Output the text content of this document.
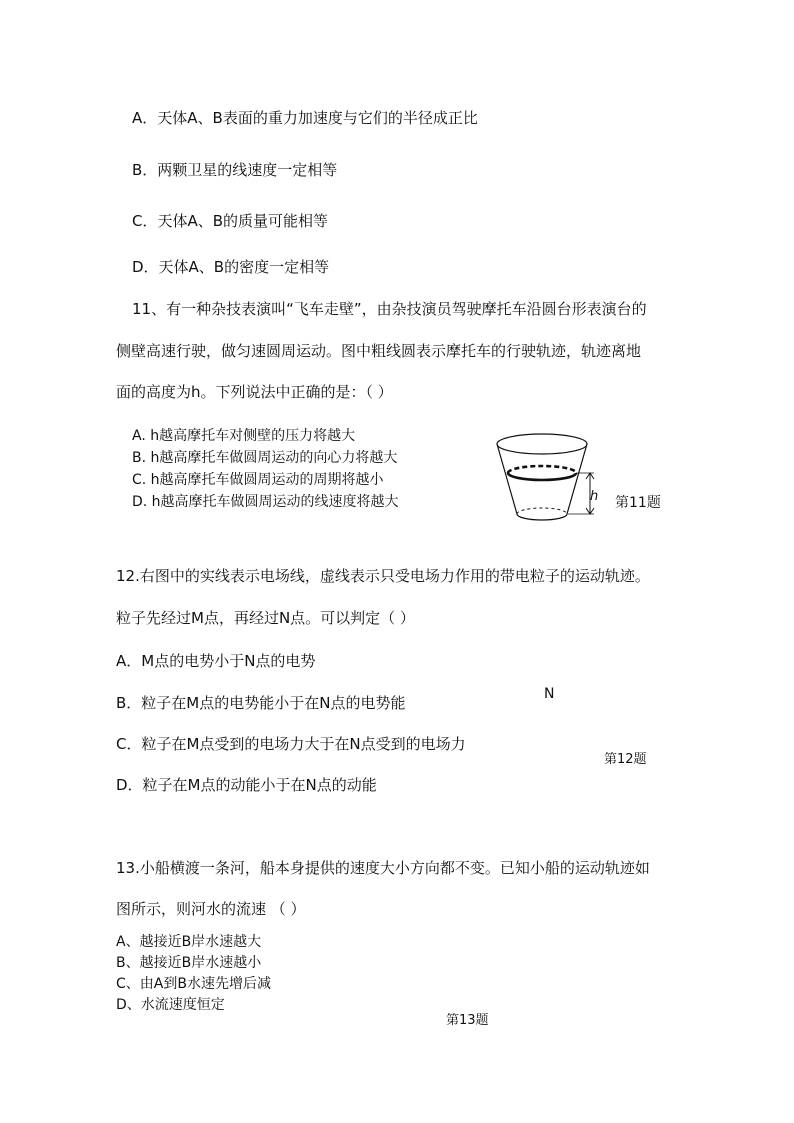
A．天体A、B表面的重力加速度与它们的半径成正比
B．两颗卫星的线速度一定相等
C．天体A、B的质量可能相等
D．天体A、B的密度一定相等
11、有一种杂技表演叫“飞车走壁”，由杂技演员驾驶摩托车沿圆台形表演台的
侧壁高速行驶，做匀速圆周运动。图中粗线圆表示摩托车的行驶轨迹，轨迹离地
面的高度为h。下列说法中正确的是：（ ）
A. h越高摩托车对侧壁的压力将越大
B. h越高摩托车做圆周运动的向心力将越大
C. h越高摩托车做圆周运动的周期将越小
D. h越高摩托车做圆周运动的线速度将越大	h 第11题
12.右图中的实线表示电场线，虚线表示只受电场力作用的带电粒子的运动轨迹。
粒子先经过M点，再经过N点。可以判定（ ）
A．M点的电势小于N点的电势
B．粒子在M点的电势能小于在N点的电势能
C．粒子在M点受到的电场力大于在N点受到的电场力
D．粒子在M点的动能小于在N点的动能
N
第12题
13.小船横渡一条河，船本身提供的速度大小方向都不变。已知小船的运动轨迹如
图所示，则河水的流速 （ ）
A、越接近B岸水速越大
B、越接近B岸水速越小
C、由A到B水速先增后减
D、水流速度恒定
第13题
